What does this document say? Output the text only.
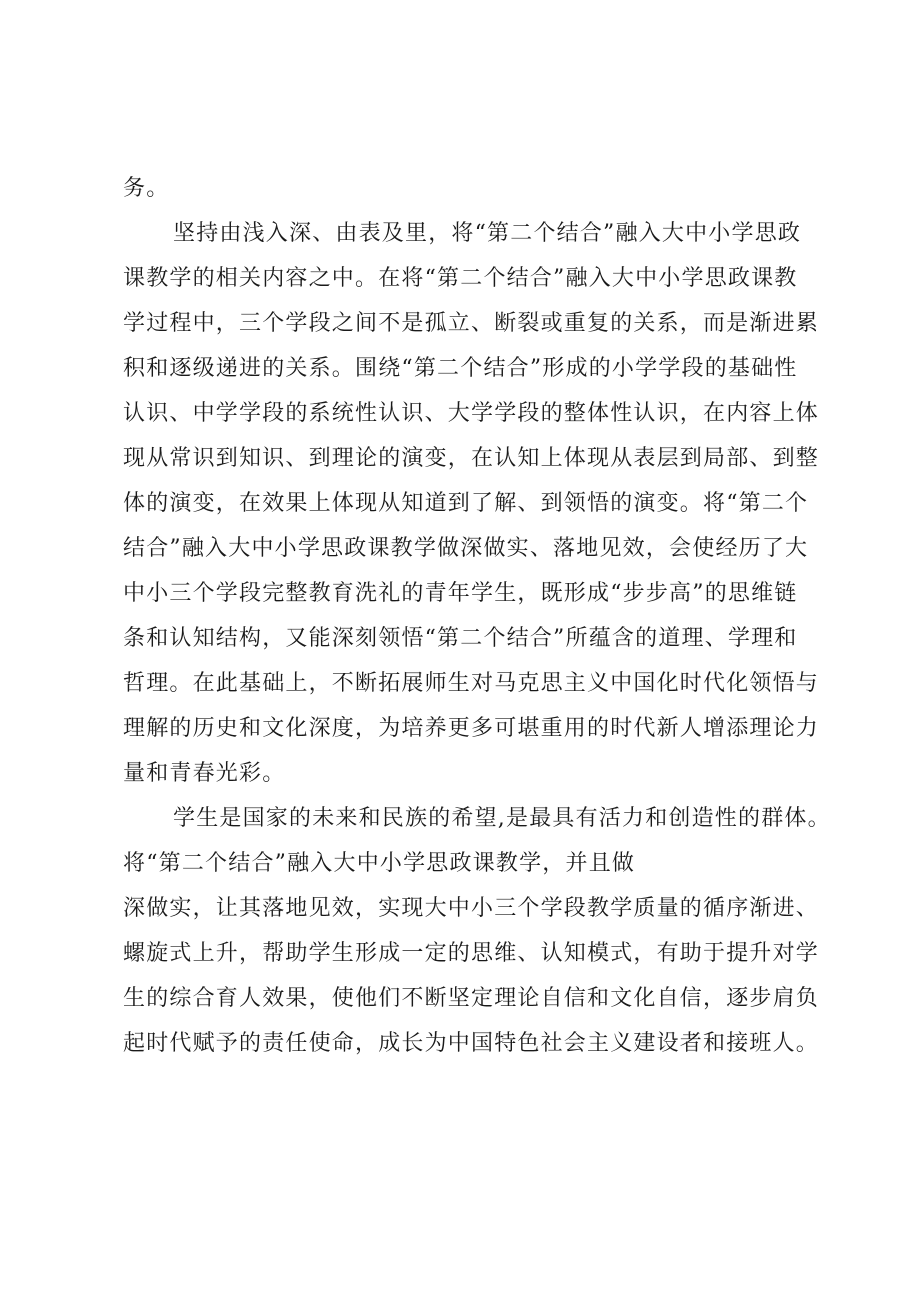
务。
坚持由浅入深、由表及里，将“第二个结合”融入大中小学思政
课教学的相关内容之中。在将“第二个结合”融入大中小学思政课教
学过程中，三个学段之间不是孤立、断裂或重复的关系，而是渐进累
积和逐级递进的关系。围绕“第二个结合”形成的小学学段的基础性
认识、中学学段的系统性认识、大学学段的整体性认识，在内容上体
现从常识到知识、到理论的演变，在认知上体现从表层到局部、到整
体的演变，在效果上体现从知道到了解、到领悟的演变。将“第二个
结合”融入大中小学思政课教学做深做实、落地见效，会使经历了大
中小三个学段完整教育洗礼的青年学生，既形成“步步高”的思维链
条和认知结构，又能深刻领悟“第二个结合”所蕴含的道理、学理和
哲理。在此基础上，不断拓展师生对马克思主义中国化时代化领悟与
理解的历史和文化深度，为培养更多可堪重用的时代新人增添理论力
量和青春光彩。
学生是国家的未来和民族的希望,是最具有活力和创造性的群体。
将“第二个结合”融入大中小学思政课教学，并且做
深做实，让其落地见效，实现大中小三个学段教学质量的循序渐进、
螺旋式上升，帮助学生形成一定的思维、认知模式，有助于提升对学
生的综合育人效果，使他们不断坚定理论自信和文化自信，逐步肩负
起时代赋予的责任使命，成长为中国特色社会主义建设者和接班人。
